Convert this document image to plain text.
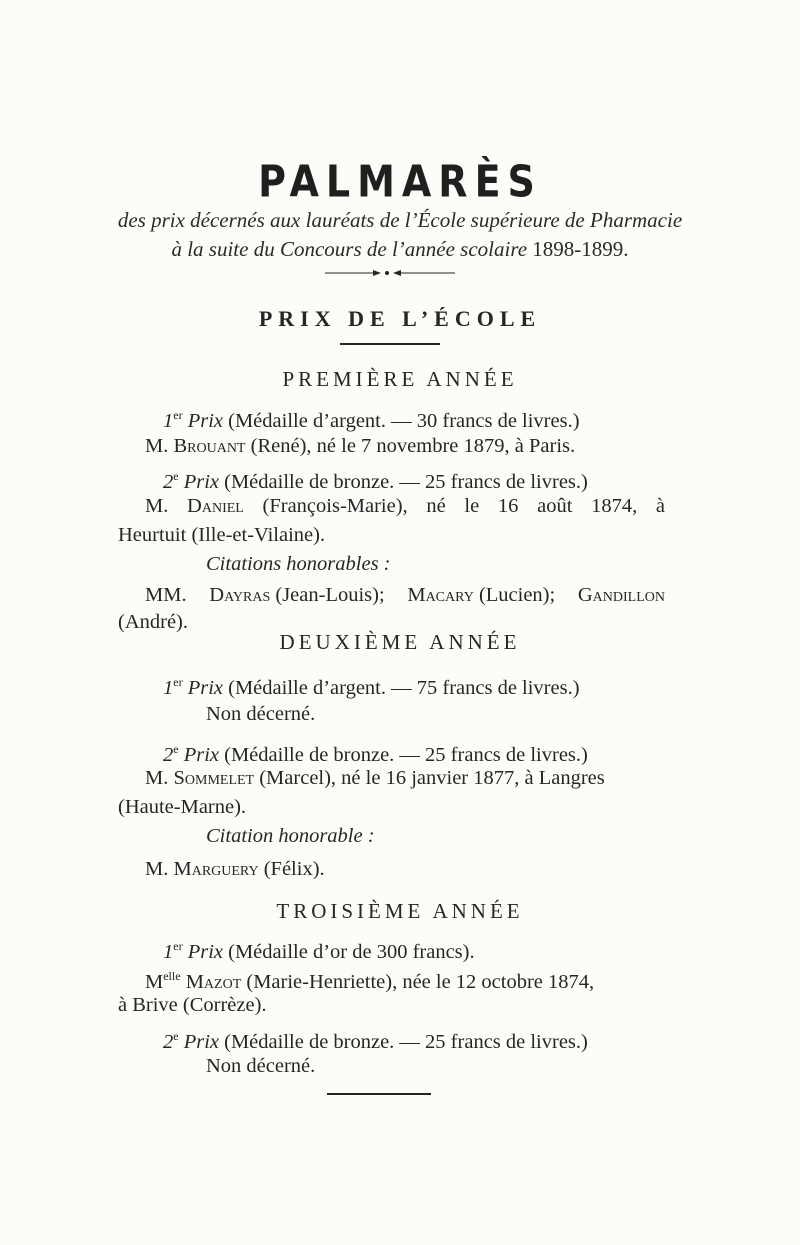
PALMARÈS
des prix décernés aux lauréats de l’École supérieure de Pharmacie
à la suite du Concours de l’année scolaire 1898-1899.
PRIX DE L’ÉCOLE
PREMIÈRE ANNÉE
1er Prix (Médaille d’argent. — 30 francs de livres.)
M. Brouant (René), né le 7 novembre 1879, à Paris.
2e Prix (Médaille de bronze. — 25 francs de livres.)
M. Daniel (François-Marie), né le 16 août 1874, à
Heurtuit (Ille-et-Vilaine).
Citations honorables :
MM. Dayras (Jean-Louis); Macary (Lucien); Gandillon
(André).
DEUXIÈME ANNÉE
1er Prix (Médaille d’argent. — 75 francs de livres.)
Non décerné.
2e Prix (Médaille de bronze. — 25 francs de livres.)
M. Sommelet (Marcel), né le 16 janvier 1877, à Langres
(Haute-Marne).
Citation honorable :
M. Marguery (Félix).
TROISIÈME ANNÉE
1er Prix (Médaille d’or de 300 francs).
$M^{elle}$ Mazot (Marie-Henriette), née le 12 octobre 1874,
à Brive (Corrèze).
2e Prix (Médaille de bronze. — 25 francs de livres.)
Non décerné.
